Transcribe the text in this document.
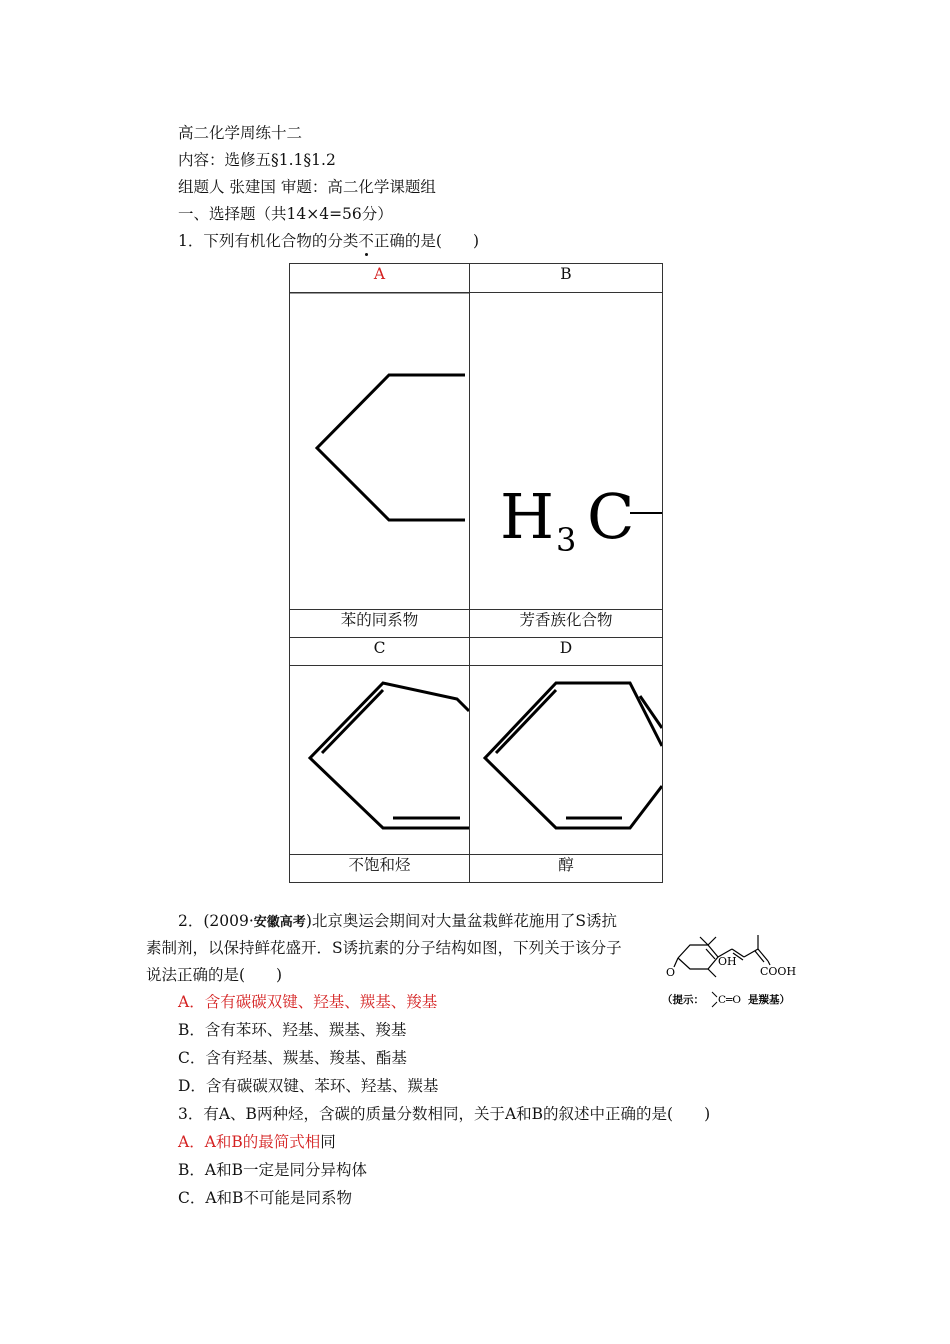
高二化学周练十二
内容：选修五§1.1§1.2
组题人 张建国 审题：高二化学课题组
一、选择题（共14×4=56分）
1．下列有机化合物的分类不正确的是(　　)
A	B

H 3 C

苯的同系物	芳香族化合物
C	D

不饱和烃	醇
2．(2009·安徽高考)北京奥运会期间对大量盆栽鲜花施用了S诱抗
素制剂，以保持鲜花盛开．S诱抗素的分子结构如图，下列关于该分子
说法正确的是(　　)
A．含有碳碳双键、羟基、羰基、羧基
B．含有苯环、羟基、羰基、羧基
C．含有羟基、羰基、羧基、酯基
D．含有碳碳双键、苯环、羟基、羰基
O
OH
COOH
（提示： C ═O 是羰基）
3．有A、B两种烃，含碳的质量分数相同，关于A和B的叙述中正确的是(　　)
A．A和B的最简式相同
B．A和B一定是同分异构体
C．A和B不可能是同系物
